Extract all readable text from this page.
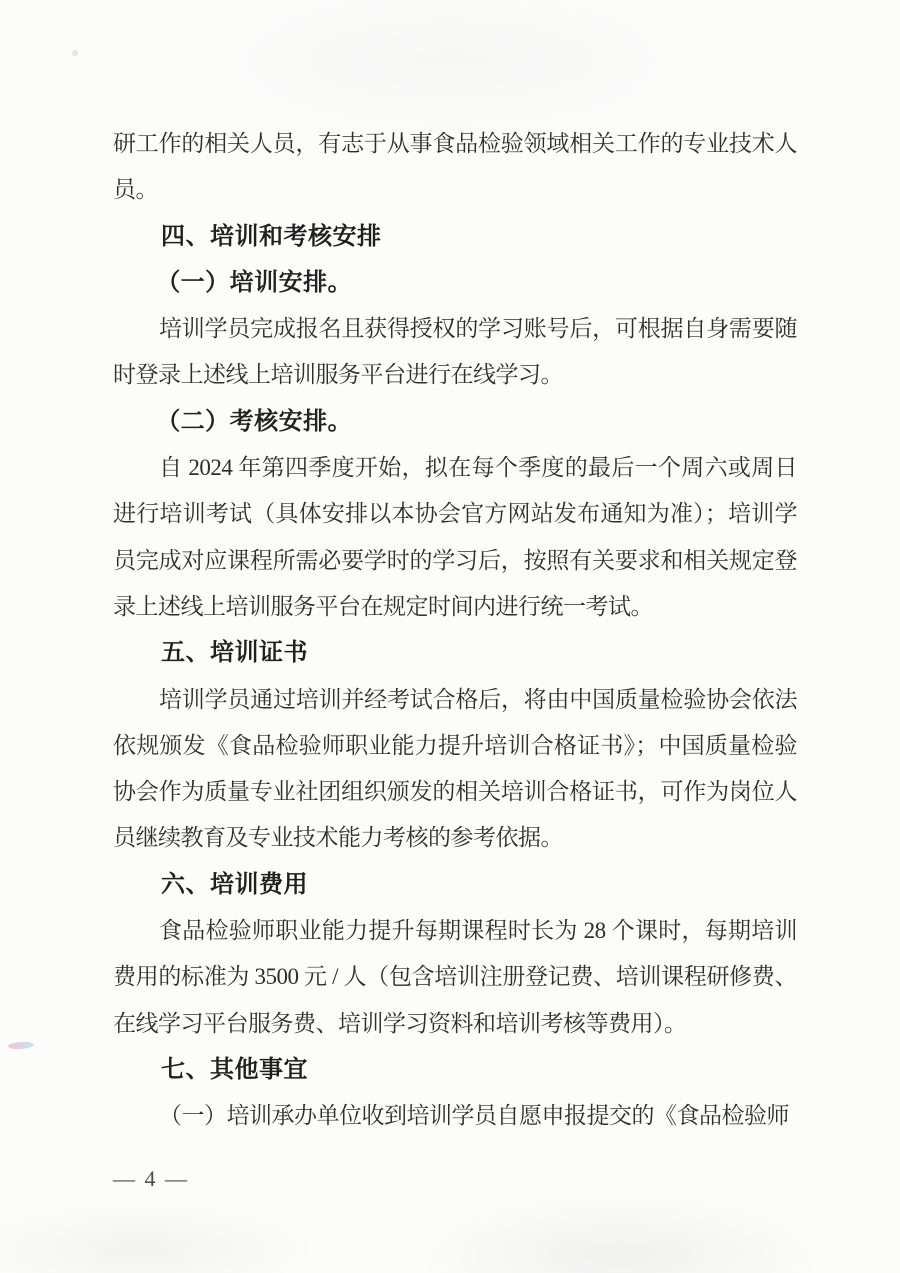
研工作的相关人员，有志于从事食品检验领域相关工作的专业技术人员。
四、培训和考核安排
（一）培训安排。
培训学员完成报名且获得授权的学习账号后，可根据自身需要随时登录上述线上培训服务平台进行在线学习。
（二）考核安排。
自 2024 年第四季度开始，拟在每个季度的最后一个周六或周日进行培训考试（具体安排以本协会官方网站发布通知为准）；培训学员完成对应课程所需必要学时的学习后，按照有关要求和相关规定登录上述线上培训服务平台在规定时间内进行统一考试。
五、培训证书
培训学员通过培训并经考试合格后，将由中国质量检验协会依法依规颁发《食品检验师职业能力提升培训合格证书》；中国质量检验协会作为质量专业社团组织颁发的相关培训合格证书，可作为岗位人员继续教育及专业技术能力考核的参考依据。
六、培训费用
食品检验师职业能力提升每期课程时长为 28 个课时，每期培训费用的标准为 3500 元 / 人（包含培训注册登记费、培训课程研修费、在线学习平台服务费、培训学习资料和培训考核等费用）。
七、其他事宜
（一）培训承办单位收到培训学员自愿申报提交的《食品检验师
— 4 —
